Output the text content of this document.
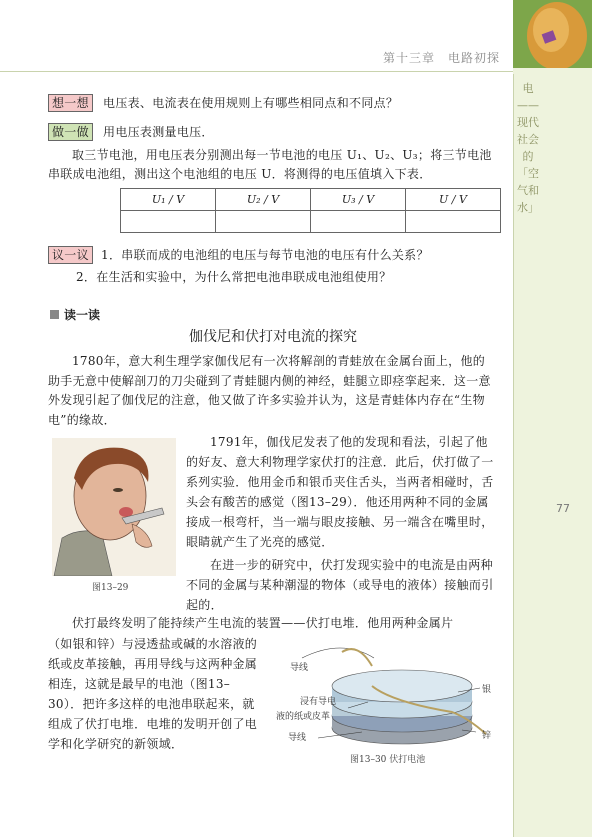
第十三章　电路初探
电——现代社会的「空气和水」
77
想一想 电压表、电流表在使用规则上有哪些相同点和不同点？
做一做 用电压表测量电压．
取三节电池，用电压表分别测出每一节电池的电压 U₁、U₂、U₃；将三节电池串联成电池组，测出这个电池组的电压 U．将测得的电压值填入下表．
U₁ / V	U₂ / V	U₃ / V	U / V

议一议 1．串联而成的电池组的电压与每节电池的电压有什么关系？
2．在生活和实验中，为什么常把电池串联成电池组使用？
读一读
伽伐尼和伏打对电流的探究
1780年，意大利生理学家伽伐尼有一次将解剖的青蛙放在金属台面上，他的助手无意中使解剖刀的刀尖碰到了青蛙腿内侧的神经，蛙腿立即痉挛起来．这一意外发现引起了伽伐尼的注意，他又做了许多实验并认为，这是青蛙体内存在“生物电”的缘故．
图13–29
1791年，伽伐尼发表了他的发现和看法，引起了他的好友、意大利物理学家伏打的注意．此后，伏打做了一系列实验．他用金币和银币夹住舌头，当两者相碰时，舌头会有酸苦的感觉（图13–29）．他还用两种不同的金属接成一根弯杆，当一端与眼皮接触、另一端含在嘴里时，眼睛就产生了光亮的感觉．
在进一步的研究中，伏打发现实验中的电流是由两种不同的金属与某种潮湿的物体（或导电的液体）接触而引起的．
伏打最终发明了能持续产生电流的装置——伏打电堆．他用两种金属片
（如银和锌）与浸透盐或碱的水溶液的纸或皮革接触，再用导线与这两种金属相连，这就是最早的电池（图13–30）．把许多这样的电池串联起来，就组成了伏打电堆．电堆的发明开创了电学和化学研究的新领域．
导线
银
浸有导电
液的纸或皮革
导线	锌
图13–30 伏打电池
